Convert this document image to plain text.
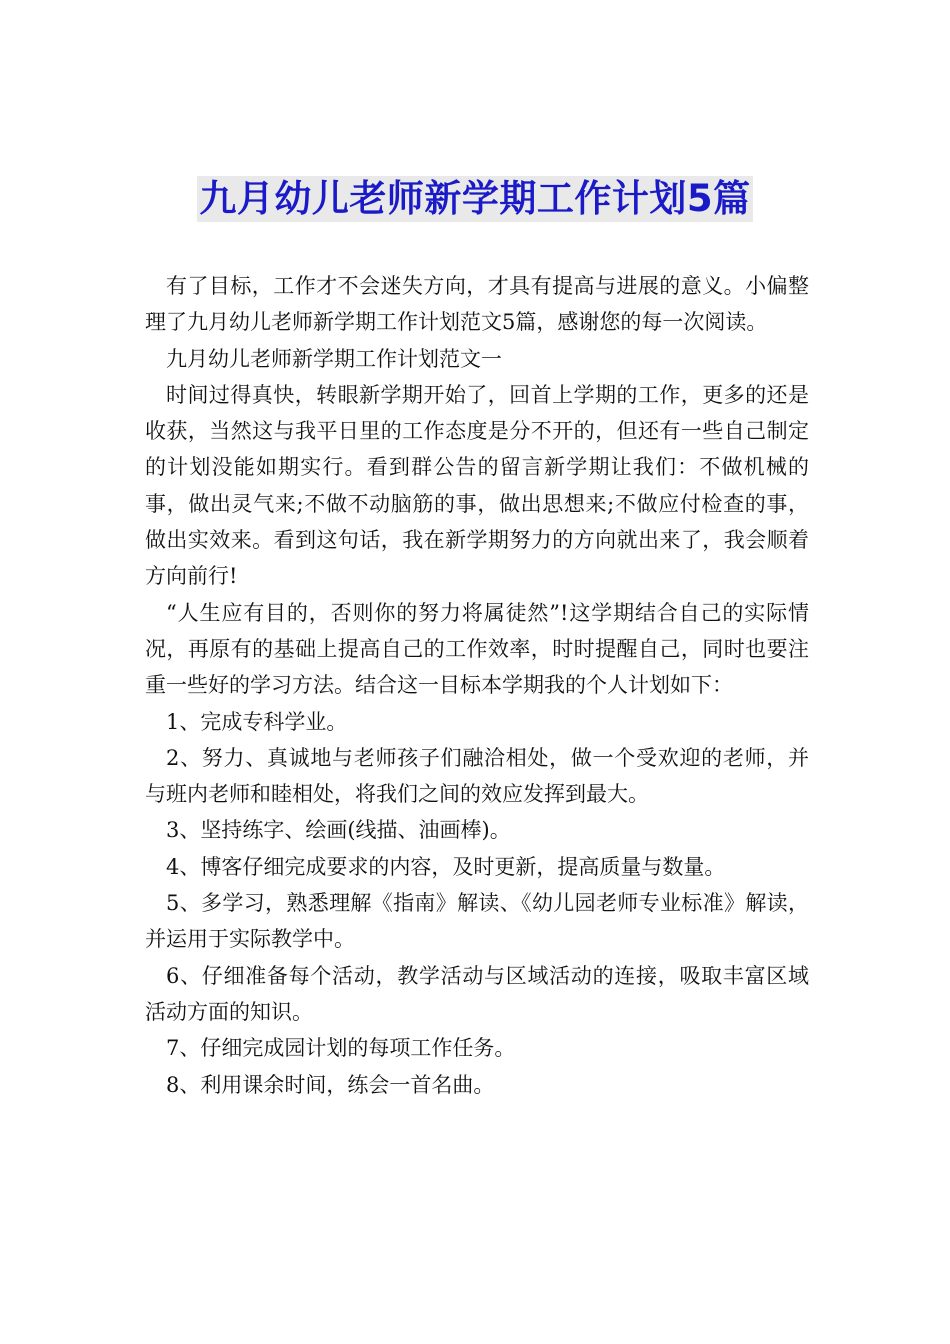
九月幼儿老师新学期工作计划5篇

有了目标，工作才不会迷失方向，才具有提高与进展的意义。小偏整理了九月幼儿老师新学期工作计划范文5篇，感谢您的每一次阅读。

九月幼儿老师新学期工作计划范文一

时间过得真快，转眼新学期开始了，回首上学期的工作，更多的还是收获，当然这与我平日里的工作态度是分不开的，但还有一些自己制定的计划没能如期实行。看到群公告的留言新学期让我们：不做机械的事，做出灵气来;不做不动脑筋的事，做出思想来;不做应付检查的事，做出实效来。看到这句话，我在新学期努力的方向就出来了，我会顺着方向前行!

“人生应有目的，否则你的努力将属徒然”!这学期结合自己的实际情况，再原有的基础上提高自己的工作效率，时时提醒自己，同时也要注重一些好的学习方法。结合这一目标本学期我的个人计划如下：

1、完成专科学业。

2、努力、真诚地与老师孩子们融洽相处，做一个受欢迎的老师，并与班内老师和睦相处，将我们之间的效应发挥到最大。

3、坚持练字、绘画(线描、油画棒)。

4、博客仔细完成要求的内容，及时更新，提高质量与数量。

5、多学习，熟悉理解《指南》解读、《幼儿园老师专业标准》解读，并运用于实际教学中。

6、仔细准备每个活动，教学活动与区域活动的连接，吸取丰富区域活动方面的知识。

7、仔细完成园计划的每项工作任务。

8、利用课余时间，练会一首名曲。
